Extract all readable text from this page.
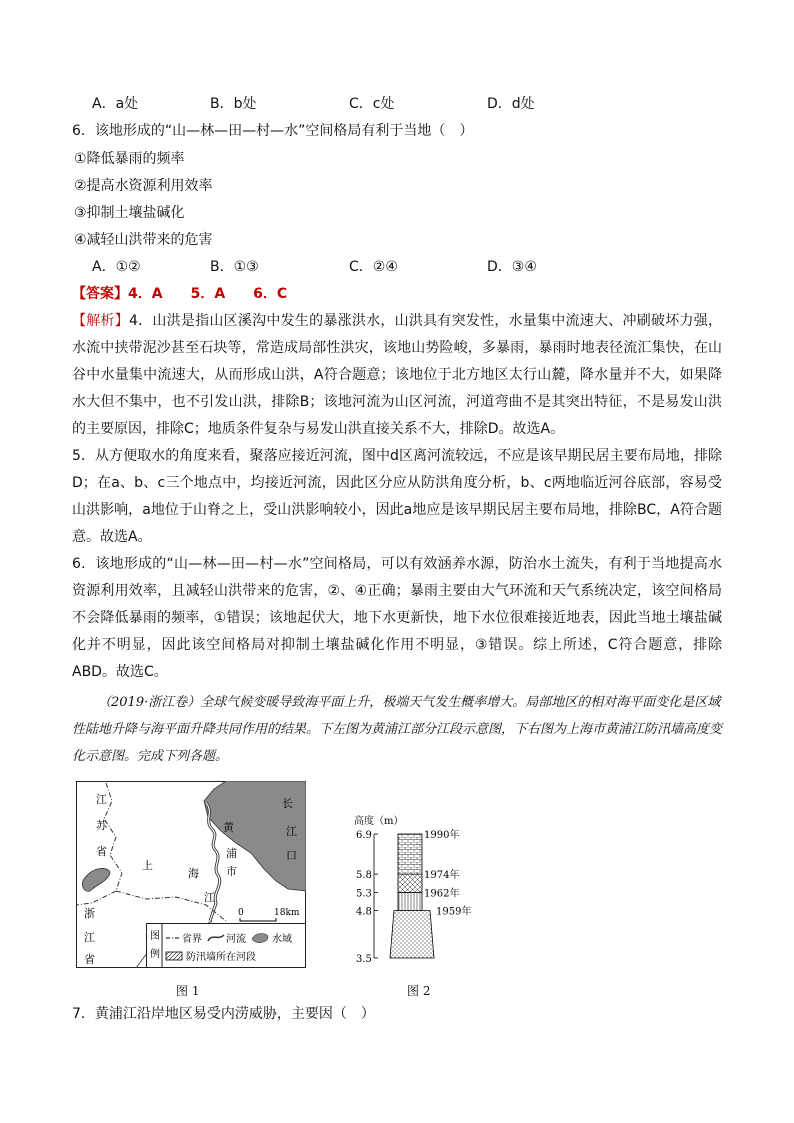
A．a处	B．b处	C．c处	D．d处
6．该地形成的“山—林—田—村—水”空间格局有利于当地（　）
①降低暴雨的频率
②提高水资源利用效率
③抑制土壤盐碱化
④减轻山洪带来的危害
A．①②	B．①③	C．②④	D．③④
【答案】4．A　　5．A　　6．C
【解析】4．山洪是指山区溪沟中发生的暴涨洪水，山洪具有突发性，水量集中流速大、冲刷破坏力强，水流中挟带泥沙甚至石块等，常造成局部性洪灾，该地山势险峻，多暴雨，暴雨时地表径流汇集快，在山谷中水量集中流速大，从而形成山洪，A符合题意；该地位于北方地区太行山麓，降水量并不大，如果降水大但不集中，也不引发山洪，排除B；该地河流为山区河流，河道弯曲不是其突出特征，不是易发山洪的主要原因，排除C；地质条件复杂与易发山洪直接关系不大，排除D。故选A。
5．从方便取水的角度来看，聚落应接近河流，图中d区离河流较远，不应是该早期民居主要布局地，排除D；在a、b、c三个地点中，均接近河流，因此区分应从防洪角度分析，b、c两地临近河谷底部，容易受山洪影响，a地位于山脊之上，受山洪影响较小，因此a地应是该早期民居主要布局地，排除BC，A符合题意。故选A。
6．该地形成的“山—林—田—村—水”空间格局，可以有效涵养水源，防治水土流失，有利于当地提高水资源利用效率，且减轻山洪带来的危害，②、④正确；暴雨主要由大气环流和天气系统决定，该空间格局不会降低暴雨的频率，①错误；该地起伏大，地下水更新快，地下水位很难接近地表，因此当地土壤盐碱化并不明显，因此该空间格局对抑制土壤盐碱化作用不明显，③错误。综上所述，C符合题意，排除ABD。故选C。
（2019·浙江卷）全球气候变暖导致海平面上升，极端天气发生概率增大。局部地区的相对海平面变化是区域性陆地升降与海平面升降共同作用的结果。下左图为黄浦江部分江段示意图，下右图为上海市黄浦江防汛墙高度变化示意图。完成下列各题。
江
苏
省
浙
江
省
上
海 市
黄
浦
江
长
江
口
0	18km
图
例
省界 河流	水域
防汛墙所在河段
图 1
高度（m）
6.9
5.8
5.3
4.8
3.5
1959年
1962年
1974年
1990年
图 2
7．黄浦江沿岸地区易受内涝威胁，主要因（　）
